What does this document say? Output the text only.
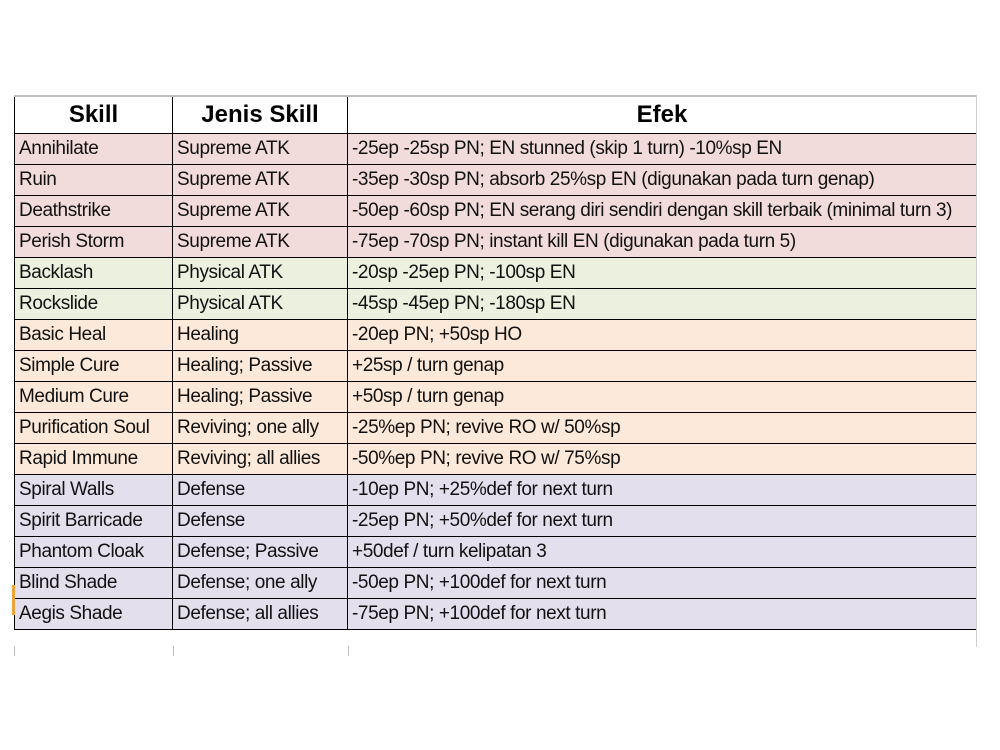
Skill	Jenis Skill	Efek
Annihilate	Supreme ATK	-25ep -25sp PN; EN stunned (skip 1 turn) -10%sp EN
Ruin	Supreme ATK	-35ep -30sp PN; absorb 25%sp EN (digunakan pada turn genap)
Deathstrike	Supreme ATK	-50ep -60sp PN; EN serang diri sendiri dengan skill terbaik (minimal turn 3)
Perish Storm	Supreme ATK	-75ep -70sp PN; instant kill EN (digunakan pada turn 5)
Backlash	Physical ATK	-20sp -25ep PN; -100sp EN
Rockslide	Physical ATK	-45sp -45ep PN; -180sp EN
Basic Heal	Healing	-20ep PN; +50sp HO
Simple Cure	Healing; Passive	+25sp / turn genap
Medium Cure	Healing; Passive	+50sp / turn genap
Purification Soul	Reviving; one ally	-25%ep PN; revive RO w/ 50%sp
Rapid Immune	Reviving; all allies	-50%ep PN; revive RO w/ 75%sp
Spiral Walls	Defense	-10ep PN; +25%def for next turn
Spirit Barricade	Defense	-25ep PN; +50%def for next turn
Phantom Cloak	Defense; Passive	+50def / turn kelipatan 3
Blind Shade	Defense; one ally	-50ep PN; +100def for next turn
Aegis Shade	Defense; all allies	-75ep PN; +100def for next turn
